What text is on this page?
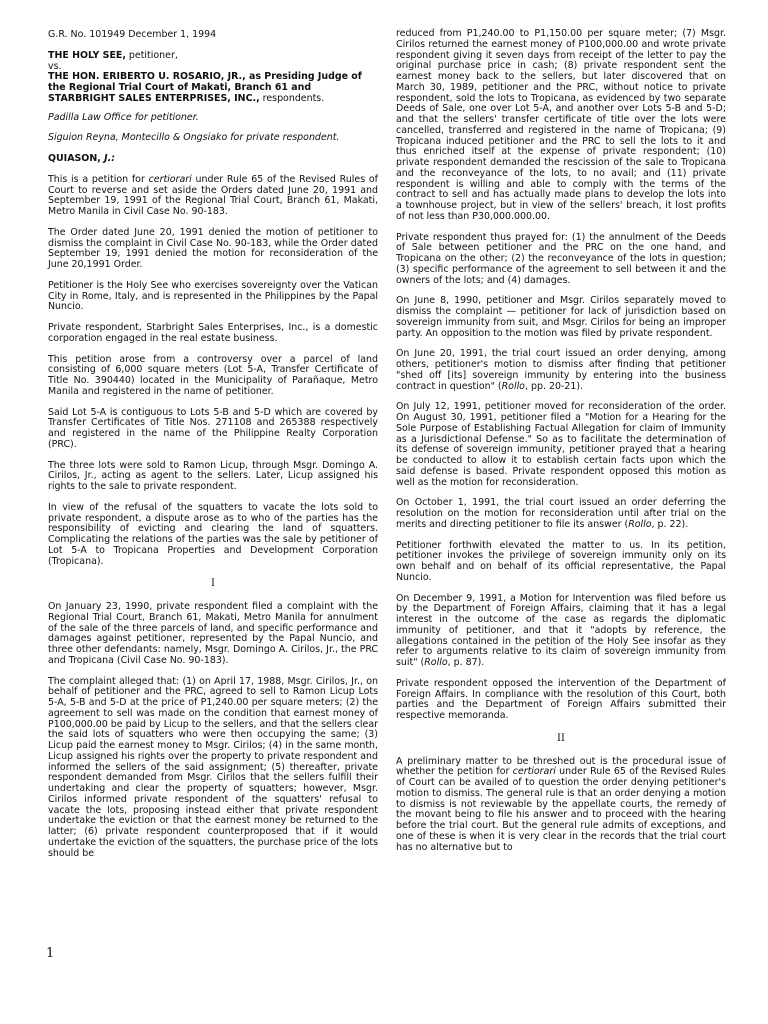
G.R. No. 101949 December 1, 1994

THE HOLY SEE, petitioner,
vs.
THE HON. ERIBERTO U. ROSARIO, JR., as Presiding Judge of the Regional Trial Court of Makati, Branch 61 and STARBRIGHT SALES ENTERPRISES, INC., respondents.

Padilla Law Office for petitioner.

Siguion Reyna, Montecillo & Ongsiako for private respondent.

QUIASON, J.:

This is a petition for certiorari under Rule 65 of the Revised Rules of Court to reverse and set aside the Orders dated June 20, 1991 and September 19, 1991 of the Regional Trial Court, Branch 61, Makati, Metro Manila in Civil Case No. 90-183.

The Order dated June 20, 1991 denied the motion of petitioner to dismiss the complaint in Civil Case No. 90-183, while the Order dated September 19, 1991 denied the motion for reconsideration of the June 20,1991 Order.

Petitioner is the Holy See who exercises sovereignty over the Vatican City in Rome, Italy, and is represented in the Philippines by the Papal Nuncio.

Private respondent, Starbright Sales Enterprises, Inc., is a domestic corporation engaged in the real estate business.

This petition arose from a controversy over a parcel of land consisting of 6,000 square meters (Lot 5-A, Transfer Certificate of Title No. 390440) located in the Municipality of Parañaque, Metro Manila and registered in the name of petitioner.

Said Lot 5-A is contiguous to Lots 5-B and 5-D which are covered by Transfer Certificates of Title Nos. 271108 and 265388 respectively and registered in the name of the Philippine Realty Corporation (PRC).

The three lots were sold to Ramon Licup, through Msgr. Domingo A. Cirilos, Jr., acting as agent to the sellers. Later, Licup assigned his rights to the sale to private respondent.

In view of the refusal of the squatters to vacate the lots sold to private respondent, a dispute arose as to who of the parties has the responsibility of evicting and clearing the land of squatters. Complicating the relations of the parties was the sale by petitioner of Lot 5-A to Tropicana Properties and Development Corporation (Tropicana).

I

On January 23, 1990, private respondent filed a complaint with the Regional Trial Court, Branch 61, Makati, Metro Manila for annulment of the sale of the three parcels of land, and specific performance and damages against petitioner, represented by the Papal Nuncio, and three other defendants: namely, Msgr. Domingo A. Cirilos, Jr., the PRC and Tropicana (Civil Case No. 90-183).

The complaint alleged that: (1) on April 17, 1988, Msgr. Cirilos, Jr., on behalf of petitioner and the PRC, agreed to sell to Ramon Licup Lots 5-A, 5-B and 5-D at the price of P1,240.00 per square meters; (2) the agreement to sell was made on the condition that earnest money of P100,000.00 be paid by Licup to the sellers, and that the sellers clear the said lots of squatters who were then occupying the same; (3) Licup paid the earnest money to Msgr. Cirilos; (4) in the same month, Licup assigned his rights over the property to private respondent and informed the sellers of the said assignment; (5) thereafter, private respondent demanded from Msgr. Cirilos that the sellers fulfill their undertaking and clear the property of squatters; however, Msgr. Cirilos informed private respondent of the squatters' refusal to vacate the lots, proposing instead either that private respondent undertake the eviction or that the earnest money be returned to the latter; (6) private respondent counterproposed that if it would undertake the eviction of the squatters, the purchase price of the lots should be

reduced from P1,240.00 to P1,150.00 per square meter; (7) Msgr. Cirilos returned the earnest money of P100,000.00 and wrote private respondent giving it seven days from receipt of the letter to pay the original purchase price in cash; (8) private respondent sent the earnest money back to the sellers, but later discovered that on March 30, 1989, petitioner and the PRC, without notice to private respondent, sold the lots to Tropicana, as evidenced by two separate Deeds of Sale, one over Lot 5-A, and another over Lots 5-B and 5-D; and that the sellers' transfer certificate of title over the lots were cancelled, transferred and registered in the name of Tropicana; (9) Tropicana induced petitioner and the PRC to sell the lots to it and thus enriched itself at the expense of private respondent; (10) private respondent demanded the rescission of the sale to Tropicana and the reconveyance of the lots, to no avail; and (11) private respondent is willing and able to comply with the terms of the contract to sell and has actually made plans to develop the lots into a townhouse project, but in view of the sellers' breach, it lost profits of not less than P30,000.000.00.

Private respondent thus prayed for: (1) the annulment of the Deeds of Sale between petitioner and the PRC on the one hand, and Tropicana on the other; (2) the reconveyance of the lots in question; (3) specific performance of the agreement to sell between it and the owners of the lots; and (4) damages.

On June 8, 1990, petitioner and Msgr. Cirilos separately moved to dismiss the complaint — petitioner for lack of jurisdiction based on sovereign immunity from suit, and Msgr. Cirilos for being an improper party. An opposition to the motion was filed by private respondent.

On June 20, 1991, the trial court issued an order denying, among others, petitioner's motion to dismiss after finding that petitioner "shed off [its] sovereign immunity by entering into the business contract in question" (Rollo, pp. 20-21).

On July 12, 1991, petitioner moved for reconsideration of the order. On August 30, 1991, petitioner filed a "Motion for a Hearing for the Sole Purpose of Establishing Factual Allegation for claim of Immunity as a Jurisdictional Defense." So as to facilitate the determination of its defense of sovereign immunity, petitioner prayed that a hearing be conducted to allow it to establish certain facts upon which the said defense is based. Private respondent opposed this motion as well as the motion for reconsideration.

On October 1, 1991, the trial court issued an order deferring the resolution on the motion for reconsideration until after trial on the merits and directing petitioner to file its answer (Rollo, p. 22).

Petitioner forthwith elevated the matter to us. In its petition, petitioner invokes the privilege of sovereign immunity only on its own behalf and on behalf of its official representative, the Papal Nuncio.

On December 9, 1991, a Motion for Intervention was filed before us by the Department of Foreign Affairs, claiming that it has a legal interest in the outcome of the case as regards the diplomatic immunity of petitioner, and that it "adopts by reference, the allegations contained in the petition of the Holy See insofar as they refer to arguments relative to its claim of sovereign immunity from suit" (Rollo, p. 87).

Private respondent opposed the intervention of the Department of Foreign Affairs. In compliance with the resolution of this Court, both parties and the Department of Foreign Affairs submitted their respective memoranda.

II

A preliminary matter to be threshed out is the procedural issue of whether the petition for certiorari under Rule 65 of the Revised Rules of Court can be availed of to question the order denying petitioner's motion to dismiss. The general rule is that an order denying a motion to dismiss is not reviewable by the appellate courts, the remedy of the movant being to file his answer and to proceed with the hearing before the trial court. But the general rule admits of exceptions, and one of these is when it is very clear in the records that the trial court has no alternative but to

1
